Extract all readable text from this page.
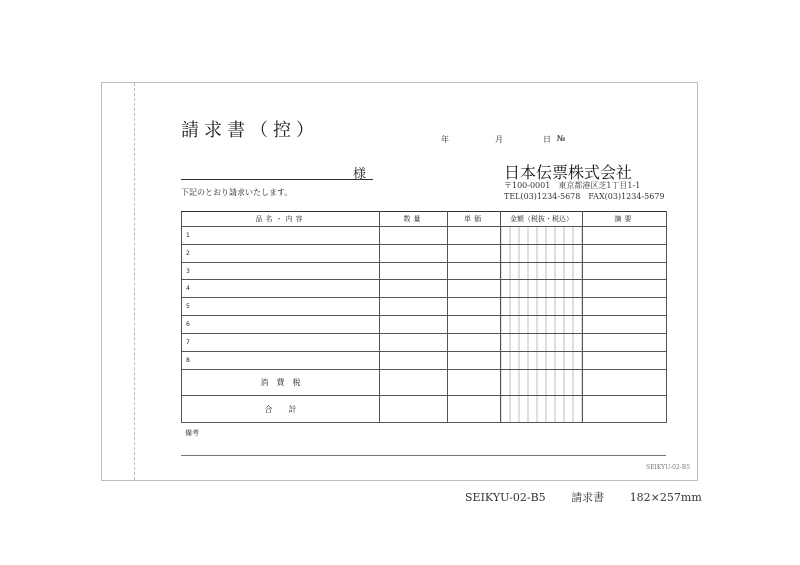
請求書（控）	年	月	日 №
様
下記のとおり請求いたします。
日本伝票株式会社
〒100-0001　東京都港区芝1丁目1-1
TEL(03)1234-5678　FAX(03)1234-5679
品名・内容	数量	単価	金額（税抜・税込）	摘要
1				
2				
3				
4				
5				
6				
7				
8				
消　費　税				
合　　計				
備考
SEIKYU-02-B5
SEIKYU-02-B5 請求書 182×257mm
